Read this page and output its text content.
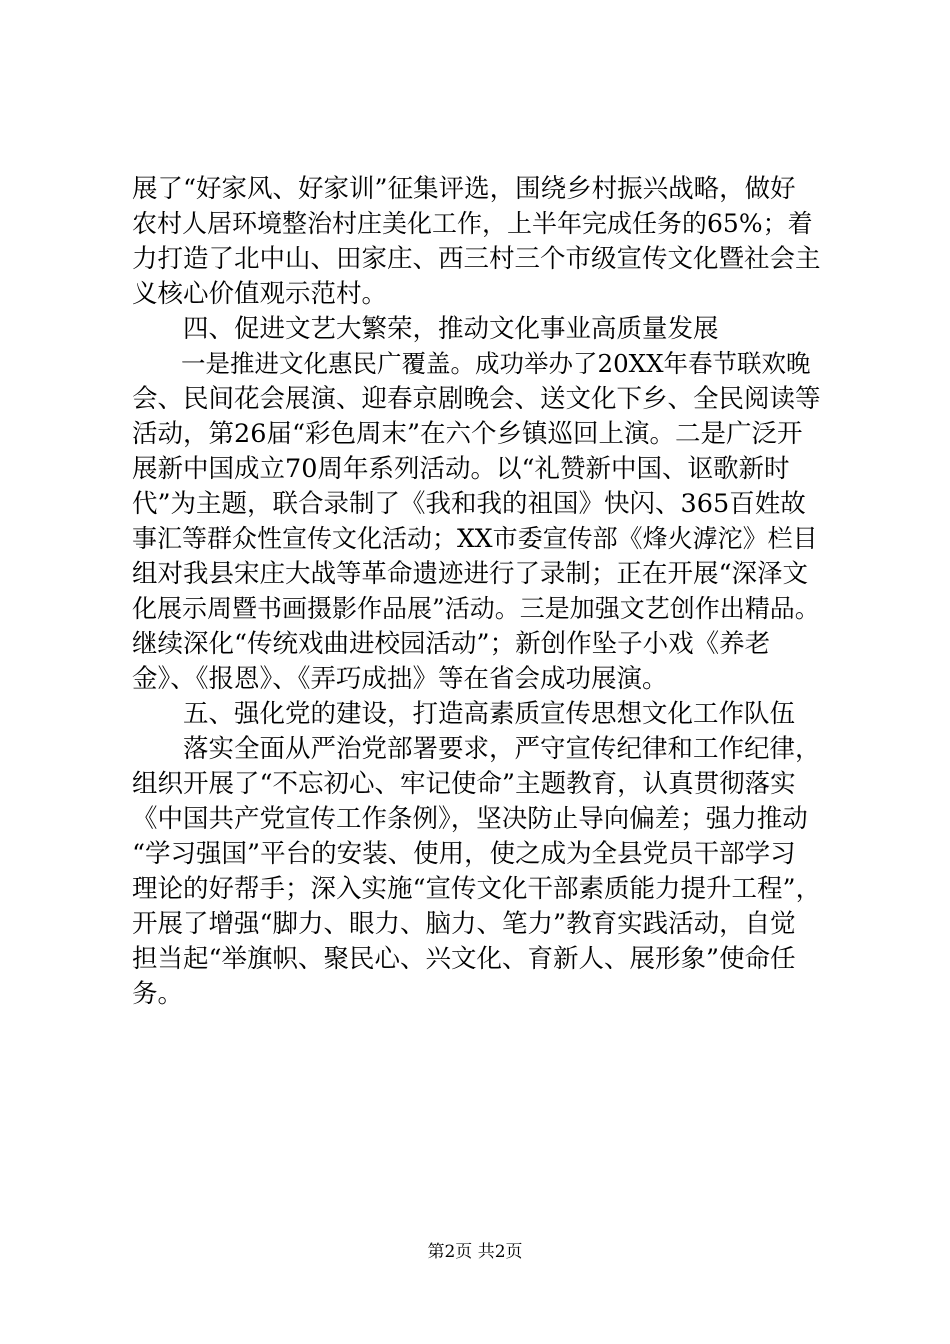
展了“好家风、好家训”征集评选，围绕乡村振兴战略，做好
农村人居环境整治村庄美化工作，上半年完成任务的65%；着
力打造了北中山、田家庄、西三村三个市级宣传文化暨社会主
义核心价值观示范村。
　　四、促进文艺大繁荣，推动文化事业高质量发展
　　一是推进文化惠民广覆盖。成功举办了20XX年春节联欢晚
会、民间花会展演、迎春京剧晚会、送文化下乡、全民阅读等
活动，第26届“彩色周末”在六个乡镇巡回上演。二是广泛开
展新中国成立70周年系列活动。以“礼赞新中国、讴歌新时
代”为主题，联合录制了《我和我的祖国》快闪、365百姓故
事汇等群众性宣传文化活动；XX市委宣传部《烽火滹沱》栏目
组对我县宋庄大战等革命遗迹进行了录制；正在开展“深泽文
化展示周暨书画摄影作品展”活动。三是加强文艺创作出精品。
继续深化“传统戏曲进校园活动”；新创作坠子小戏《养老
金》、《报恩》、《弄巧成拙》等在省会成功展演。
　　五、强化党的建设，打造高素质宣传思想文化工作队伍
　　落实全面从严治党部署要求，严守宣传纪律和工作纪律，
组织开展了“不忘初心、牢记使命”主题教育，认真贯彻落实
《中国共产党宣传工作条例》，坚决防止导向偏差；强力推动
“学习强国”平台的安装、使用，使之成为全县党员干部学习
理论的好帮手；深入实施“宣传文化干部素质能力提升工程”，
开展了增强“脚力、眼力、脑力、笔力”教育实践活动，自觉
担当起“举旗帜、聚民心、兴文化、育新人、展形象”使命任
务。
第2页 共2页
